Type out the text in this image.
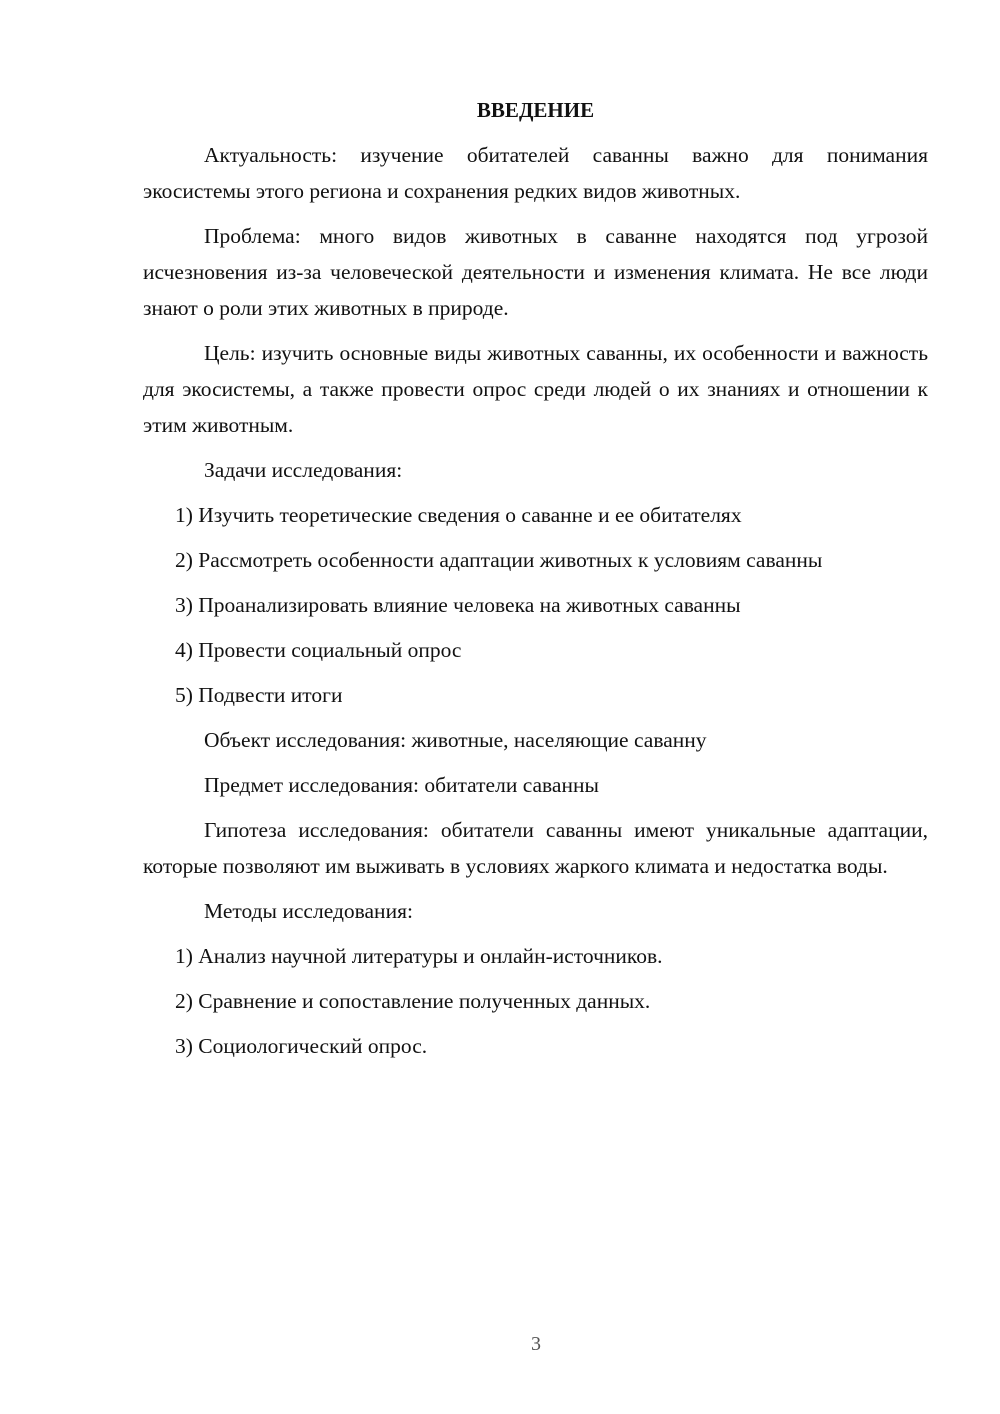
ВВЕДЕНИЕ
Актуальность: изучение обитателей саванны важно для понимания экосистемы этого региона и сохранения редких видов животных.
Проблема: много видов животных в саванне находятся под угрозой исчезновения из-за человеческой деятельности и изменения климата. Не все люди знают о роли этих животных в природе.
Цель: изучить основные виды животных саванны, их особенности и важность для экосистемы, а также провести опрос среди людей о их знаниях и отношении к этим животным.
Задачи исследования:
1) Изучить теоретические сведения о саванне и ее обитателях
2) Рассмотреть особенности адаптации животных к условиям саванны
3) Проанализировать влияние человека на животных саванны
4) Провести социальный опрос
5) Подвести итоги
Объект исследования: животные, населяющие саванну
Предмет исследования: обитатели саванны
Гипотеза исследования: обитатели саванны имеют уникальные адаптации, которые позволяют им выживать в условиях жаркого климата и недостатка воды.
Методы исследования:
1) Анализ научной литературы и онлайн-источников.
2) Сравнение и сопоставление полученных данных.
3) Социологический опрос.
3
